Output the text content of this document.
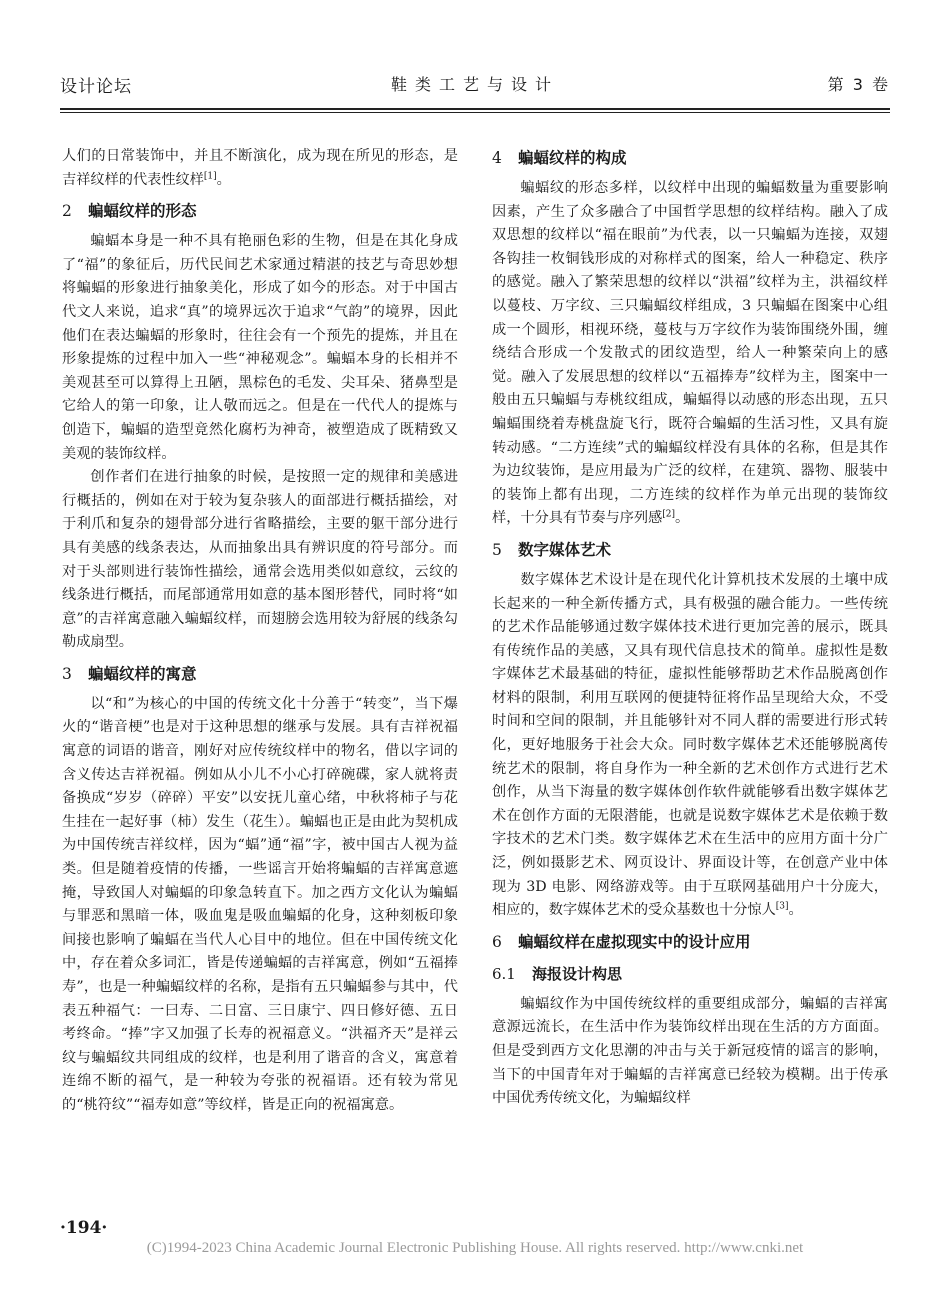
设计论坛	鞋类工艺与设计	第 3 卷

人们的日常装饰中，并且不断演化，成为现在所见的形态，是吉祥纹样的代表性纹样[1]。

2 蝙蝠纹样的形态

蝙蝠本身是一种不具有艳丽色彩的生物，但是在其化身成了“福”的象征后，历代民间艺术家通过精湛的技艺与奇思妙想将蝙蝠的形象进行抽象美化，形成了如今的形态。对于中国古代文人来说，追求“真”的境界远次于追求“气韵”的境界，因此他们在表达蝙蝠的形象时，往往会有一个预先的提炼，并且在形象提炼的过程中加入一些“神秘观念”。蝙蝠本身的长相并不美观甚至可以算得上丑陋，黑棕色的毛发、尖耳朵、猪鼻型是它给人的第一印象，让人敬而远之。但是在一代代人的提炼与创造下，蝙蝠的造型竟然化腐朽为神奇，被塑造成了既精致又美观的装饰纹样。

创作者们在进行抽象的时候，是按照一定的规律和美感进行概括的，例如在对于较为复杂骇人的面部进行概括描绘，对于利爪和复杂的翅骨部分进行省略描绘，主要的躯干部分进行具有美感的线条表达，从而抽象出具有辨识度的符号部分。而对于头部则进行装饰性描绘，通常会选用类似如意纹，云纹的线条进行概括，而尾部通常用如意的基本图形替代，同时将“如意”的吉祥寓意融入蝙蝠纹样，而翅膀会选用较为舒展的线条勾勒成扇型。

3 蝙蝠纹样的寓意

以“和”为核心的中国的传统文化十分善于“转变”，当下爆火的“谐音梗”也是对于这种思想的继承与发展。具有吉祥祝福寓意的词语的谐音，刚好对应传统纹样中的物名，借以字词的含义传达吉祥祝福。例如从小儿不小心打碎碗碟，家人就将责备换成“岁岁（碎碎）平安”以安抚儿童心绪，中秋将柿子与花生挂在一起好事（柿）发生（花生）。蝙蝠也正是由此为契机成为中国传统吉祥纹样，因为“蝠”通“福”字，被中国古人视为益类。但是随着疫情的传播，一些谣言开始将蝙蝠的吉祥寓意遮掩，导致国人对蝙蝠的印象急转直下。加之西方文化认为蝙蝠与罪恶和黑暗一体，吸血鬼是吸血蝙蝠的化身，这种刻板印象间接也影响了蝙蝠在当代人心目中的地位。但在中国传统文化中，存在着众多词汇，皆是传递蝙蝠的吉祥寓意，例如“五福捧寿”，也是一种蝙蝠纹样的名称，是指有五只蝙蝠参与其中，代表五种福气：一曰寿、二日富、三日康宁、四日修好德、五日考终命。“捧”字又加强了长寿的祝福意义。“洪福齐天”是祥云纹与蝙蝠纹共同组成的纹样，也是利用了谐音的含义，寓意着连绵不断的福气，是一种较为夸张的祝福语。还有较为常见的“桃符纹”“福寿如意”等纹样，皆是正向的祝福寓意。

4 蝙蝠纹样的构成

蝙蝠纹的形态多样，以纹样中出现的蝙蝠数量为重要影响因素，产生了众多融合了中国哲学思想的纹样结构。融入了成双思想的纹样以“福在眼前”为代表，以一只蝙蝠为连接，双翅各钩挂一枚铜钱形成的对称样式的图案，给人一种稳定、秩序的感觉。融入了繁荣思想的纹样以“洪福”纹样为主，洪福纹样以蔓枝、万字纹、三只蝙蝠纹样组成，3 只蝙蝠在图案中心组成一个圆形，相视环绕，蔓枝与万字纹作为装饰围绕外围，缠绕结合形成一个发散式的团纹造型，给人一种繁荣向上的感觉。融入了发展思想的纹样以“五福捧寿”纹样为主，图案中一般由五只蝙蝠与寿桃纹组成，蝙蝠得以动感的形态出现，五只蝙蝠围绕着寿桃盘旋飞行，既符合蝙蝠的生活习性，又具有旋转动感。“二方连续”式的蝙蝠纹样没有具体的名称，但是其作为边纹装饰，是应用最为广泛的纹样，在建筑、器物、服装中的装饰上都有出现，二方连续的纹样作为单元出现的装饰纹样，十分具有节奏与序列感[2]。

5 数字媒体艺术

数字媒体艺术设计是在现代化计算机技术发展的土壤中成长起来的一种全新传播方式，具有极强的融合能力。一些传统的艺术作品能够通过数字媒体技术进行更加完善的展示，既具有传统作品的美感，又具有现代信息技术的简单。虚拟性是数字媒体艺术最基础的特征，虚拟性能够帮助艺术作品脱离创作材料的限制，利用互联网的便捷特征将作品呈现给大众，不受时间和空间的限制，并且能够针对不同人群的需要进行形式转化，更好地服务于社会大众。同时数字媒体艺术还能够脱离传统艺术的限制，将自身作为一种全新的艺术创作方式进行艺术创作，从当下海量的数字媒体创作软件就能够看出数字媒体艺术在创作方面的无限潜能，也就是说数字媒体艺术是依赖于数字技术的艺术门类。数字媒体艺术在生活中的应用方面十分广泛，例如摄影艺术、网页设计、界面设计等，在创意产业中体现为 3D 电影、网络游戏等。由于互联网基础用户十分庞大，相应的，数字媒体艺术的受众基数也十分惊人[3]。

6 蝙蝠纹样在虚拟现实中的设计应用
6.1 海报设计构思

蝙蝠纹作为中国传统纹样的重要组成部分，蝙蝠的吉祥寓意源远流长，在生活中作为装饰纹样出现在生活的方方面面。但是受到西方文化思潮的冲击与关于新冠疫情的谣言的影响，当下的中国青年对于蝙蝠的吉祥寓意已经较为模糊。出于传承中国优秀传统文化，为蝙蝠纹样

·194·
(C)1994-2023 China Academic Journal Electronic Publishing House. All rights reserved. http://www.cnki.net
